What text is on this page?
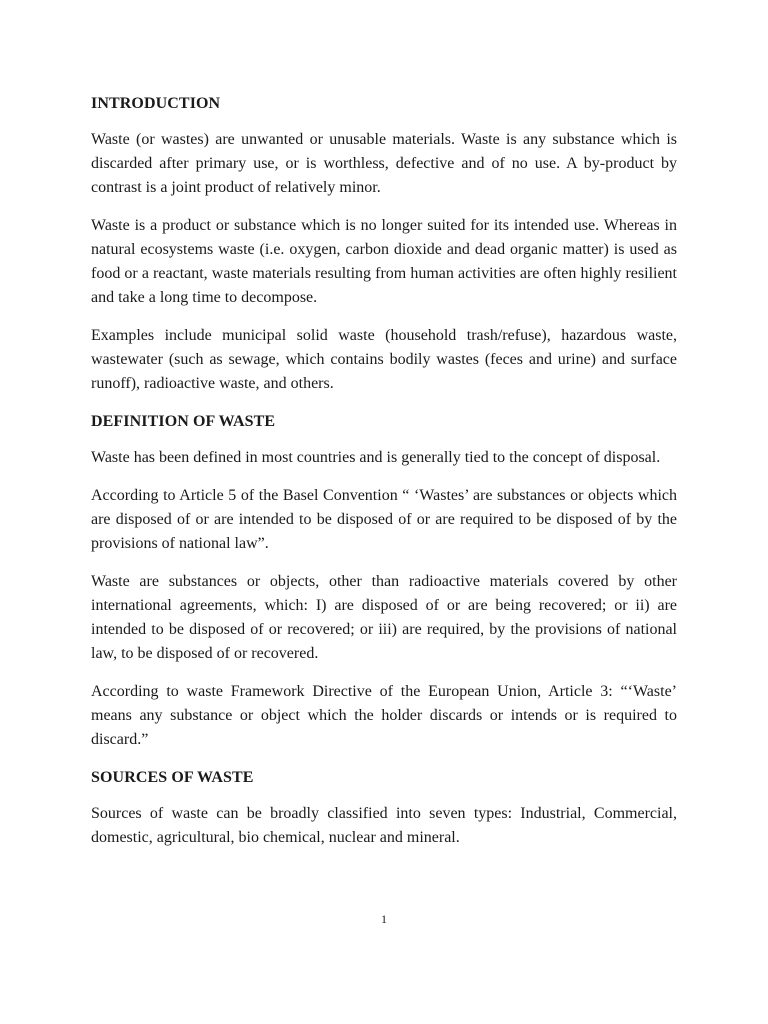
INTRODUCTION

Waste (or wastes) are unwanted or unusable materials. Waste is any substance which is discarded after primary use, or is worthless, defective and of no use. A by-product by contrast is a joint product of relatively minor.

Waste is a product or substance which is no longer suited for its intended use. Whereas in natural ecosystems waste (i.e. oxygen, carbon dioxide and dead organic matter) is used as food or a reactant, waste materials resulting from human activities are often highly resilient and take a long time to decompose.

Examples include municipal solid waste (household trash/refuse), hazardous waste, wastewater (such as sewage, which contains bodily wastes (feces and urine) and surface runoff), radioactive waste, and others.

DEFINITION OF WASTE

Waste has been defined in most countries and is generally tied to the concept of disposal.

According to Article 5 of the Basel Convention “ ‘Wastes’ are substances or objects which are disposed of or are intended to be disposed of or are required to be disposed of by the provisions of national law”.

Waste are substances or objects, other than radioactive materials covered by other international agreements, which: I) are disposed of or are being recovered; or ii) are intended to be disposed of or recovered; or iii) are required, by the provisions of national law, to be disposed of or recovered.

According to waste Framework Directive of the European Union, Article 3: “‘Waste’ means any substance or object which the holder discards or intends or is required to discard.”

SOURCES OF WASTE

Sources of waste can be broadly classified into seven types: Industrial, Commercial, domestic, agricultural, bio chemical, nuclear and mineral.

1
